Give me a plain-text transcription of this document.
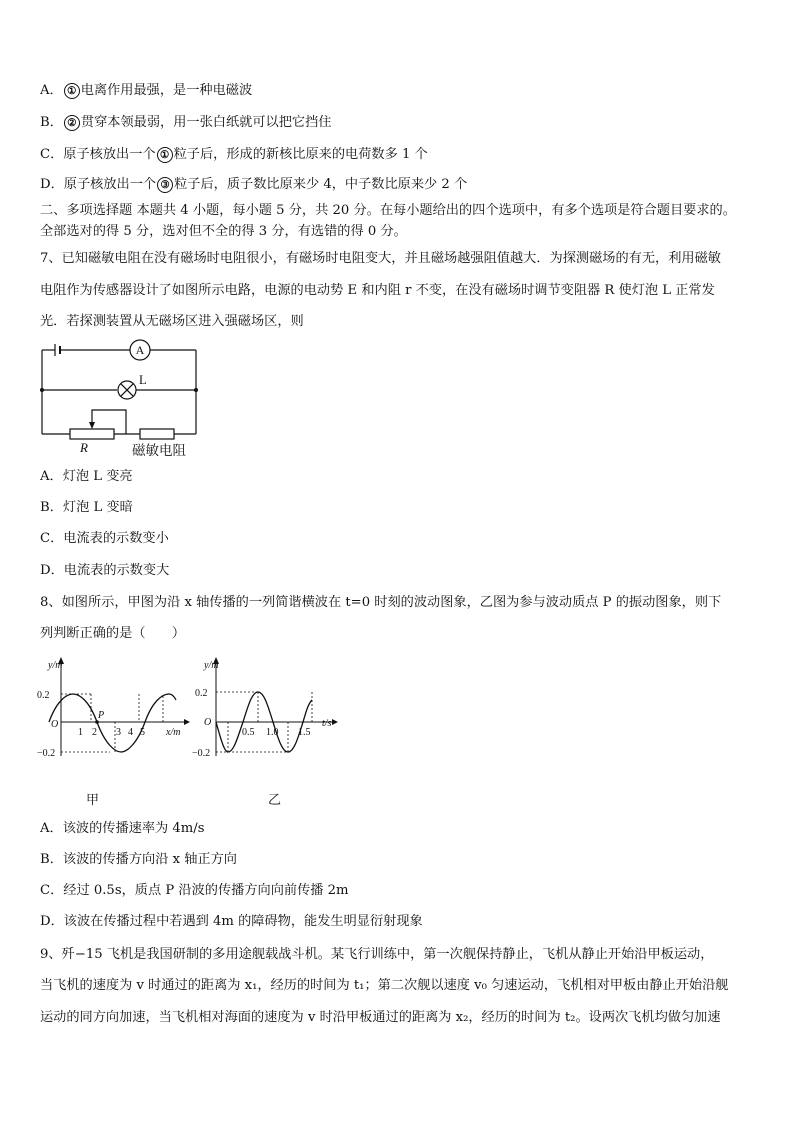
A． ① 电离作用最强，是一种电磁波
B． ② 贯穿本领最弱，用一张白纸就可以把它挡住
C．原子核放出一个 ① 粒子后，形成的新核比原来的电荷数多 1 个
D．原子核放出一个 ③ 粒子后，质子数比原来少 4，中子数比原来少 2 个
二、多项选择题 本题共 4 小题，每小题 5 分，共 20 分。在每小题给出的四个选项中，有多个选项是符合题目要求的。
全部选对的得 5 分，选对但不全的得 3 分，有选错的得 0 分。
7、已知磁敏电阻在没有磁场时电阻很小，有磁场时电阻变大，并且磁场越强阻值越大．为探测磁场的有无，利用磁敏
电阻作为传感器设计了如图所示电路，电源的电动势 E 和内阻 r 不变，在没有磁场时调节变阻器 R 使灯泡 L 正常发
光．若探测装置从无磁场区进入强磁场区，则
A
L
R	磁敏电阻
A．灯泡 L 变亮
B．灯泡 L 变暗
C．电流表的示数变小
D．电流表的示数变大
8、如图所示，甲图为沿 x 轴传播的一列简谐横波在 t=0 时刻的波动图象，乙图为参与波动质点 P 的振动图象，则下
列判断正确的是（　　）
y/m
0.2
−0.2
O
P
1 2 3 4 5 x/m
甲
y/m
0.2
−0.2
O
0.5 1.0 1.5
t/s
乙
A．该波的传播速率为 4m/s
B．该波的传播方向沿 x 轴正方向
C．经过 0.5s，质点 P 沿波的传播方向向前传播 2m
D．该波在传播过程中若遇到 4m 的障碍物，能发生明显衍射现象
9、歼−15 飞机是我国研制的多用途舰载战斗机。某飞行训练中，第一次舰保持静止，飞机从静止开始沿甲板运动，
当飞机的速度为 v 时通过的距离为 x₁，经历的时间为 t₁；第二次舰以速度 v₀ 匀速运动，飞机相对甲板由静止开始沿舰
运动的同方向加速，当飞机相对海面的速度为 v 时沿甲板通过的距离为 x₂，经历的时间为 t₂。设两次飞机均做匀加速
